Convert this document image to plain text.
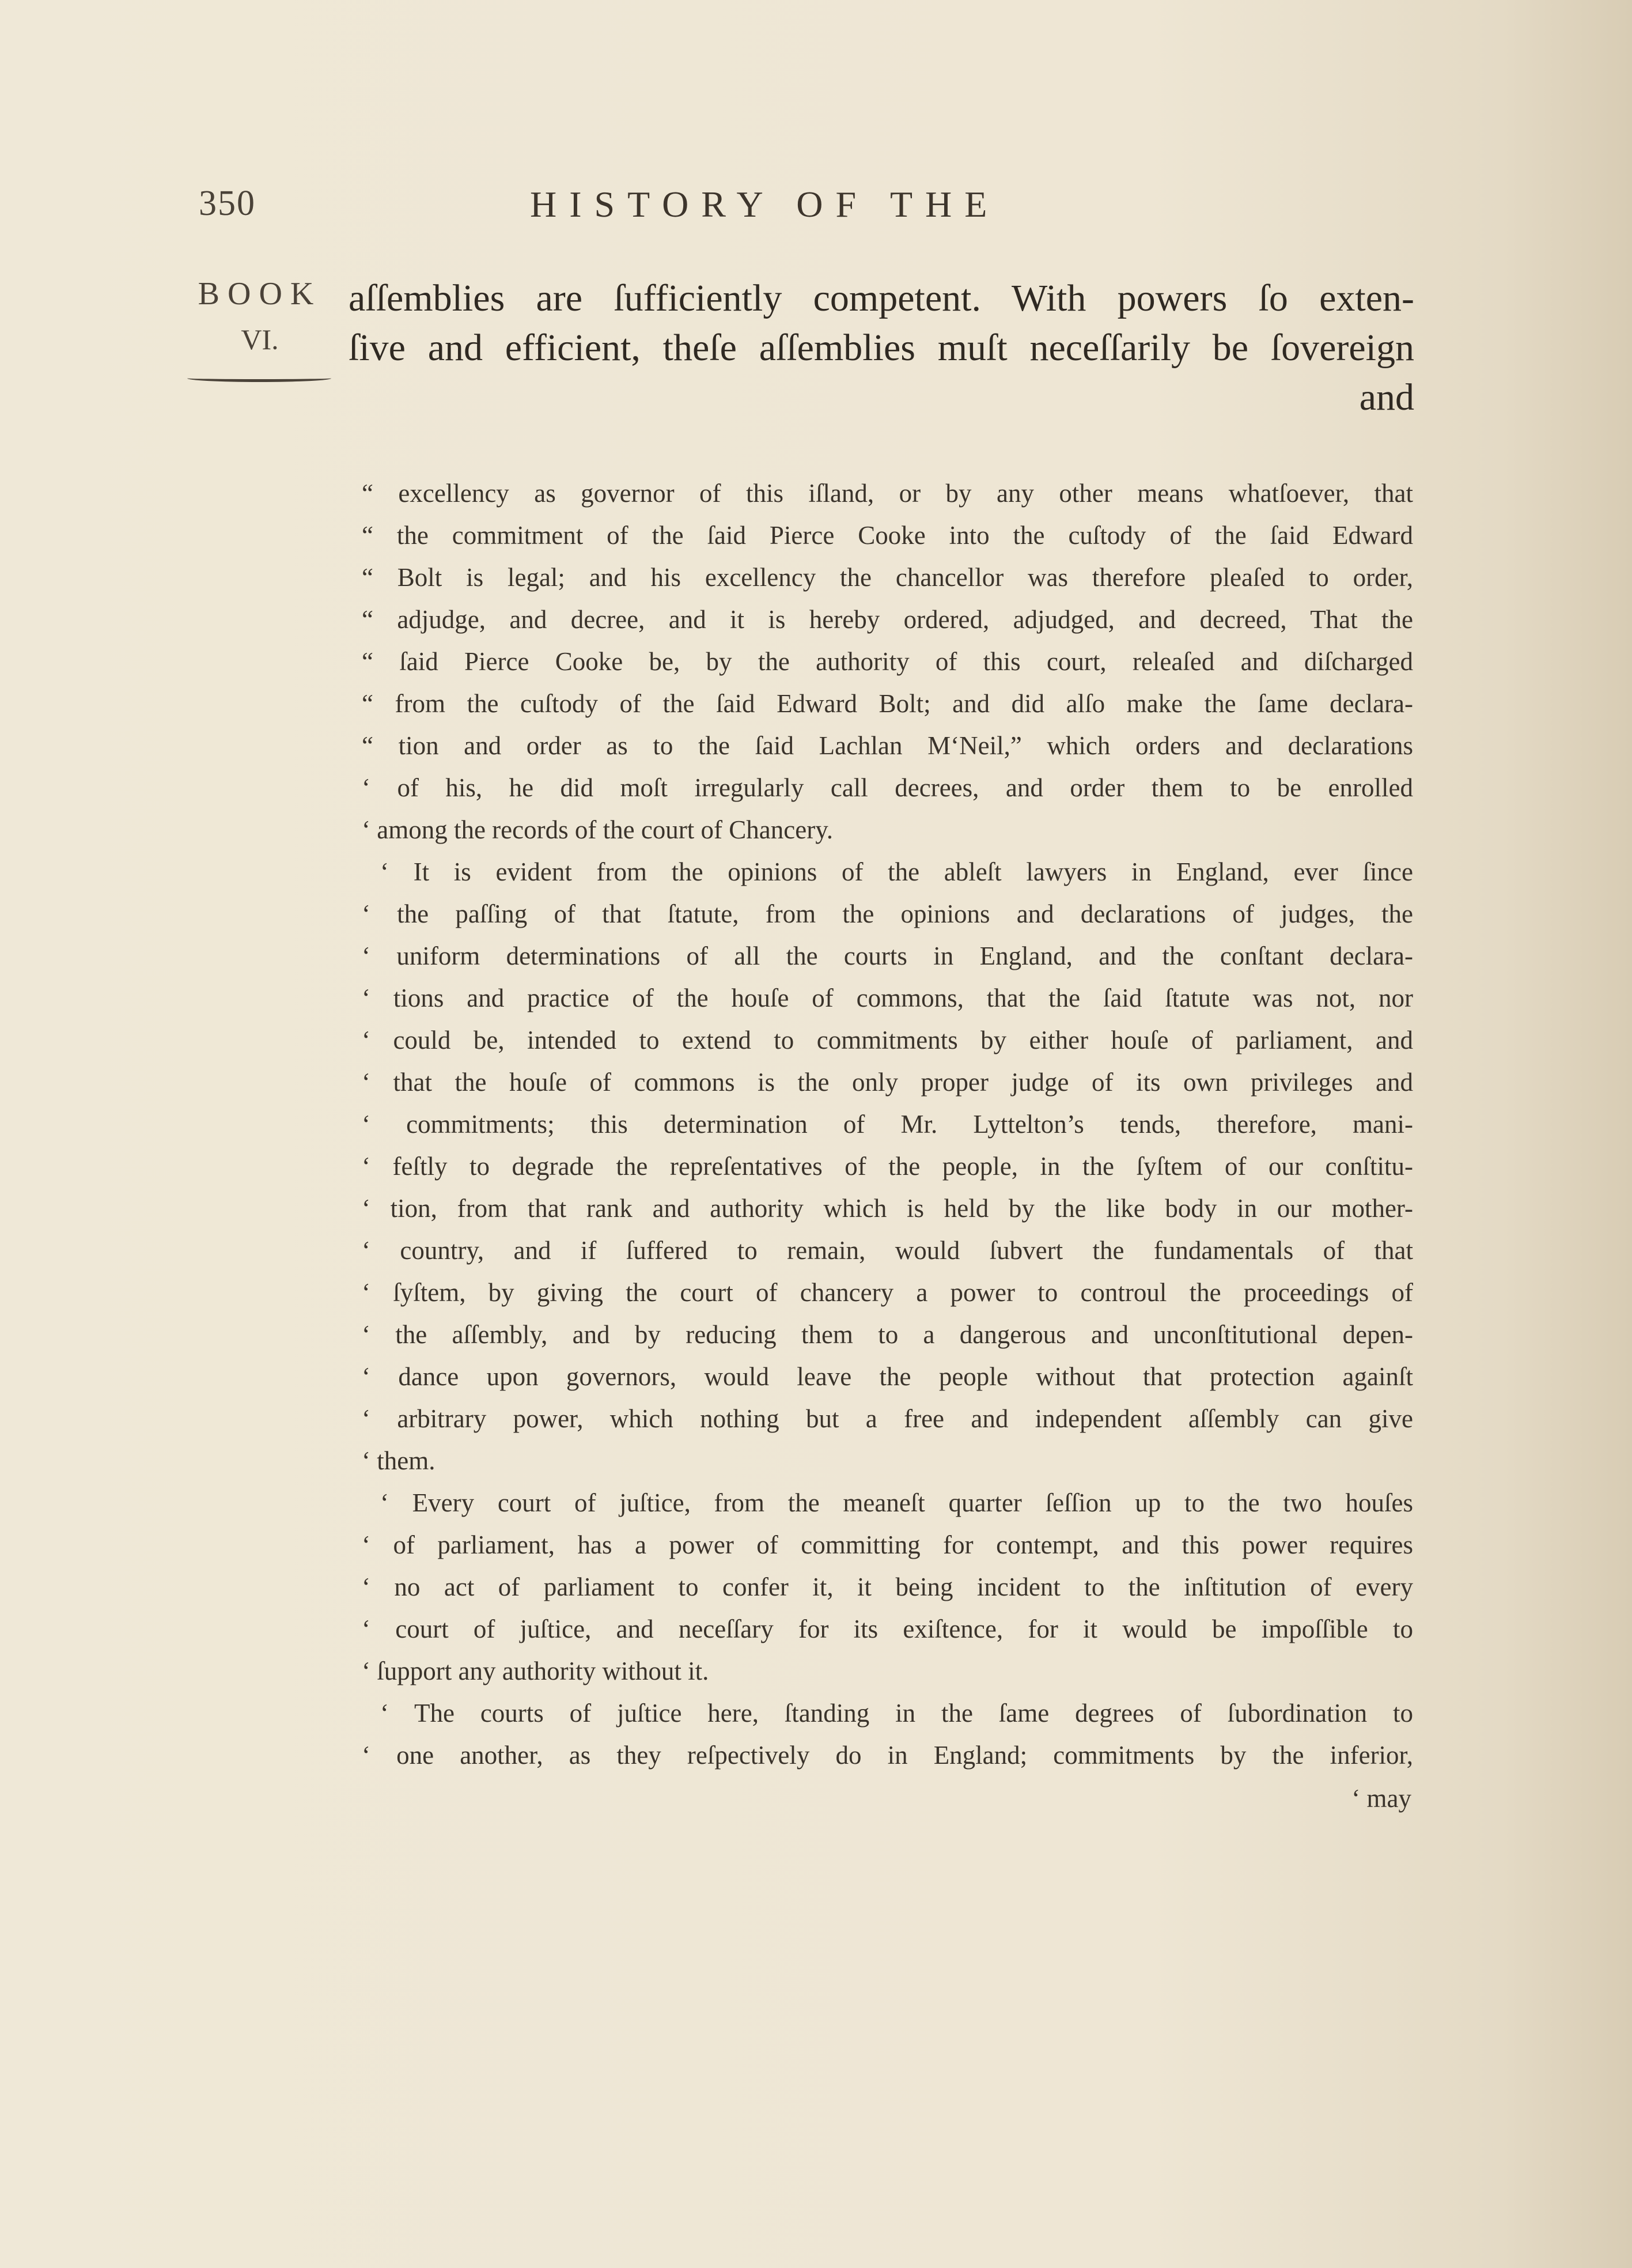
350	HISTORY OF THE
BOOK
VI.
aſſemblies are ſufficiently competent. With powers ſo exten-
ſive and efficient, theſe aſſemblies muſt neceſſarily be ſovereign
and
“ excellency as governor of this iſland, or by any other means whatſoever, that
“ the commitment of the ſaid Pierce Cooke into the cuſtody of the ſaid Edward
“ Bolt is legal; and his excellency the chancellor was therefore pleaſed to order,
“ adjudge, and decree, and it is hereby ordered, adjudged, and decreed, That the
“ ſaid Pierce Cooke be, by the authority of this court, releaſed and diſcharged
“ from the cuſtody of the ſaid Edward Bolt; and did alſo make the ſame declara-
“ tion and order as to the ſaid Lachlan M‘Neil,” which orders and declarations
‘ of his, he did moſt irregularly call decrees, and order them to be enrolled
‘ among the records of the court of Chancery.
‘ It is evident from the opinions of the ableſt lawyers in England, ever ſince
‘ the paſſing of that ſtatute, from the opinions and declarations of judges, the
‘ uniform determinations of all the courts in England, and the conſtant declara-
‘ tions and practice of the houſe of commons, that the ſaid ſtatute was not, nor
‘ could be, intended to extend to commitments by either houſe of parliament, and
‘ that the houſe of commons is the only proper judge of its own privileges and
‘ commitments; this determination of Mr. Lyttelton’s tends, therefore, mani-
‘ feſtly to degrade the repreſentatives of the people, in the ſyſtem of our conſtitu-
‘ tion, from that rank and authority which is held by the like body in our mother-
‘ country, and if ſuffered to remain, would ſubvert the fundamentals of that
‘ ſyſtem, by giving the court of chancery a power to controul the proceedings of
‘ the aſſembly, and by reducing them to a dangerous and unconſtitutional depen-
‘ dance upon governors, would leave the people without that protection againſt
‘ arbitrary power, which nothing but a free and independent aſſembly can give
‘ them.
‘ Every court of juſtice, from the meaneſt quarter ſeſſion up to the two houſes
‘ of parliament, has a power of committing for contempt, and this power requires
‘ no act of parliament to confer it, it being incident to the inſtitution of every
‘ court of juſtice, and neceſſary for its exiſtence, for it would be impoſſible to
‘ ſupport any authority without it.
‘ The courts of juſtice here, ſtanding in the ſame degrees of ſubordination to
‘ one another, as they reſpectively do in England; commitments by the inferior,
‘ may
